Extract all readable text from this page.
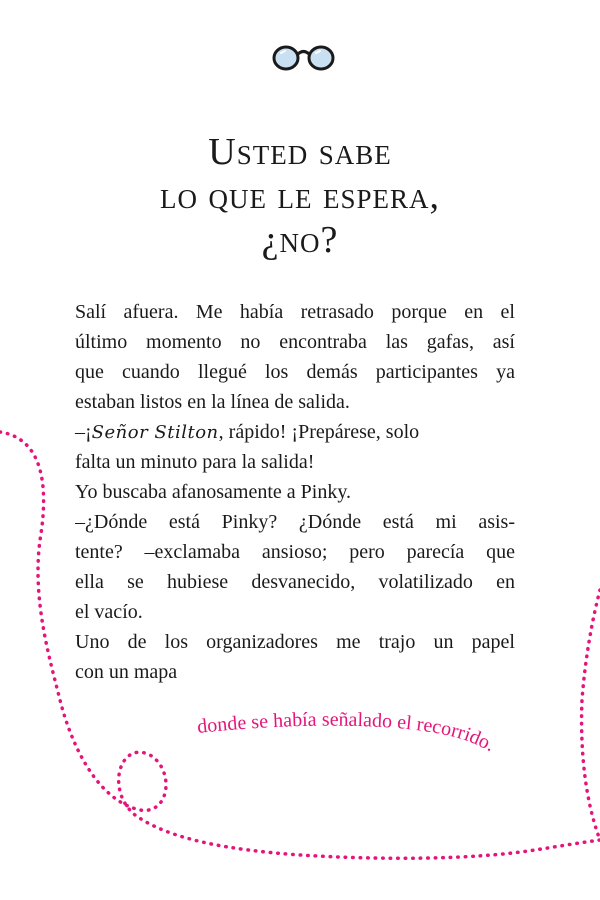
Usted sabe
lo que le espera,
¿no?
Salí afuera. Me había retrasado porque en el
último momento no encontraba las gafas, así
que cuando llegué los demás participantes ya
estaban listos en la línea de salida.
–¡Señor Stilton, rápido! ¡Prepárese, solo
falta un minuto para la salida!
Yo buscaba afanosamente a Pinky.
–¿Dónde está Pinky? ¿Dónde está mi asis-
tente? –exclamaba ansioso; pero parecía que
ella se hubiese desvanecido, volatilizado en
el vacío.
Uno de los organizadores me trajo un papel
con un mapa
donde se había señalado el recorrido.
